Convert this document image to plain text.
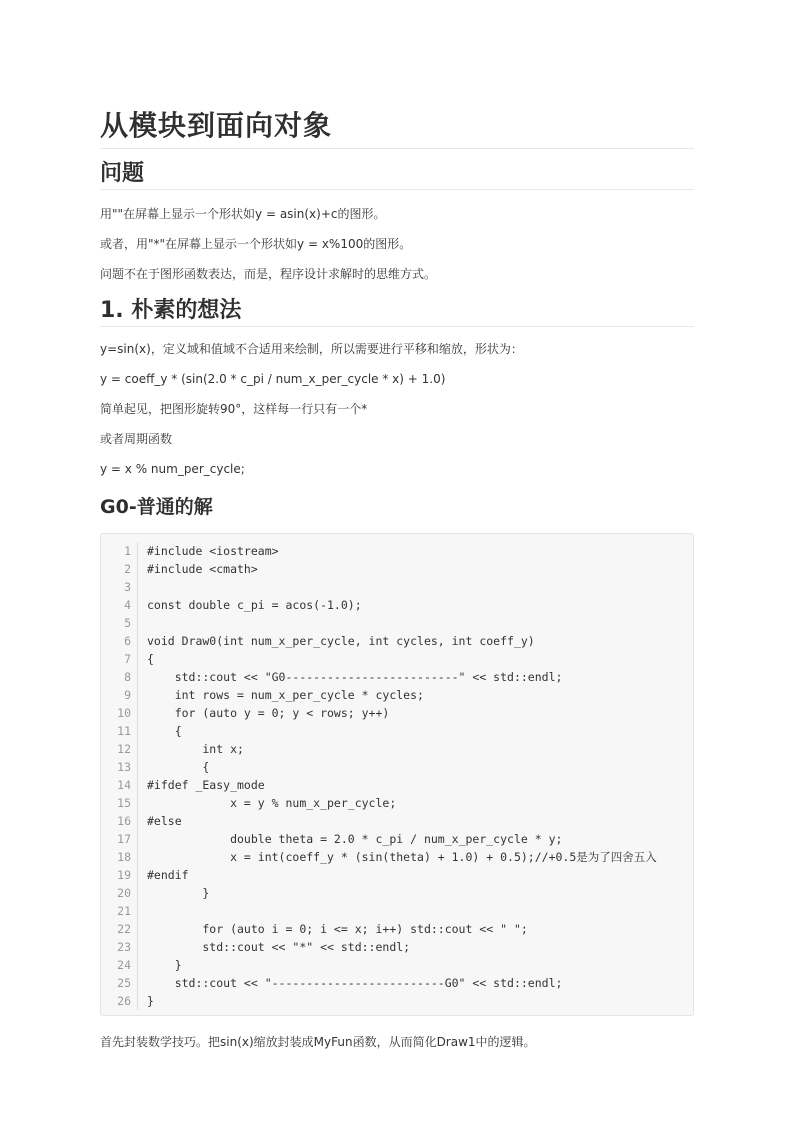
从模块到面向对象
问题

用""在屏幕上显示一个形状如y = asin(x)+c的图形。

或者，用"*"在屏幕上显示一个形状如y = x%100的图形。

问题不在于图形函数表达，而是，程序设计求解时的思维方式。

1. 朴素的想法

y=sin(x)，定义域和值域不合适用来绘制，所以需要进行平移和缩放，形状为：

y = coeff_y * (sin(2.0 * c_pi / num_x_per_cycle * x) + 1.0)

简单起见，把图形旋转90°，这样每一行只有一个*

或者周期函数

y = x % num_per_cycle;

G0-普通的解
1	#include <iostream>
2	#include <cmath>
3
4	const double c_pi = acos(-1.0);
5
6	void Draw0(int num_x_per_cycle, int cycles, int coeff_y)
7	{
8	std::cout << "G0-------------------------" << std::endl;
9	int rows = num_x_per_cycle * cycles;
10	for (auto y = 0; y < rows; y++)
11	{
12	int x;
13	{
14	#ifdef _Easy_mode
15	x = y % num_x_per_cycle;
16	#else
17	double theta = 2.0 * c_pi / num_x_per_cycle * y;
18	x = int(coeff_y * (sin(theta) + 1.0) + 0.5);//+0.5是为了四舍五入
19	#endif
20	}
21
22	for (auto i = 0; i <= x; i++) std::cout << " ";
23	std::cout << "*" << std::endl;
24	}
25	std::cout << "-------------------------G0" << std::endl;
26	}

首先封装数学技巧。把sin(x)缩放封装成MyFun函数，从而简化Draw1中的逻辑。
